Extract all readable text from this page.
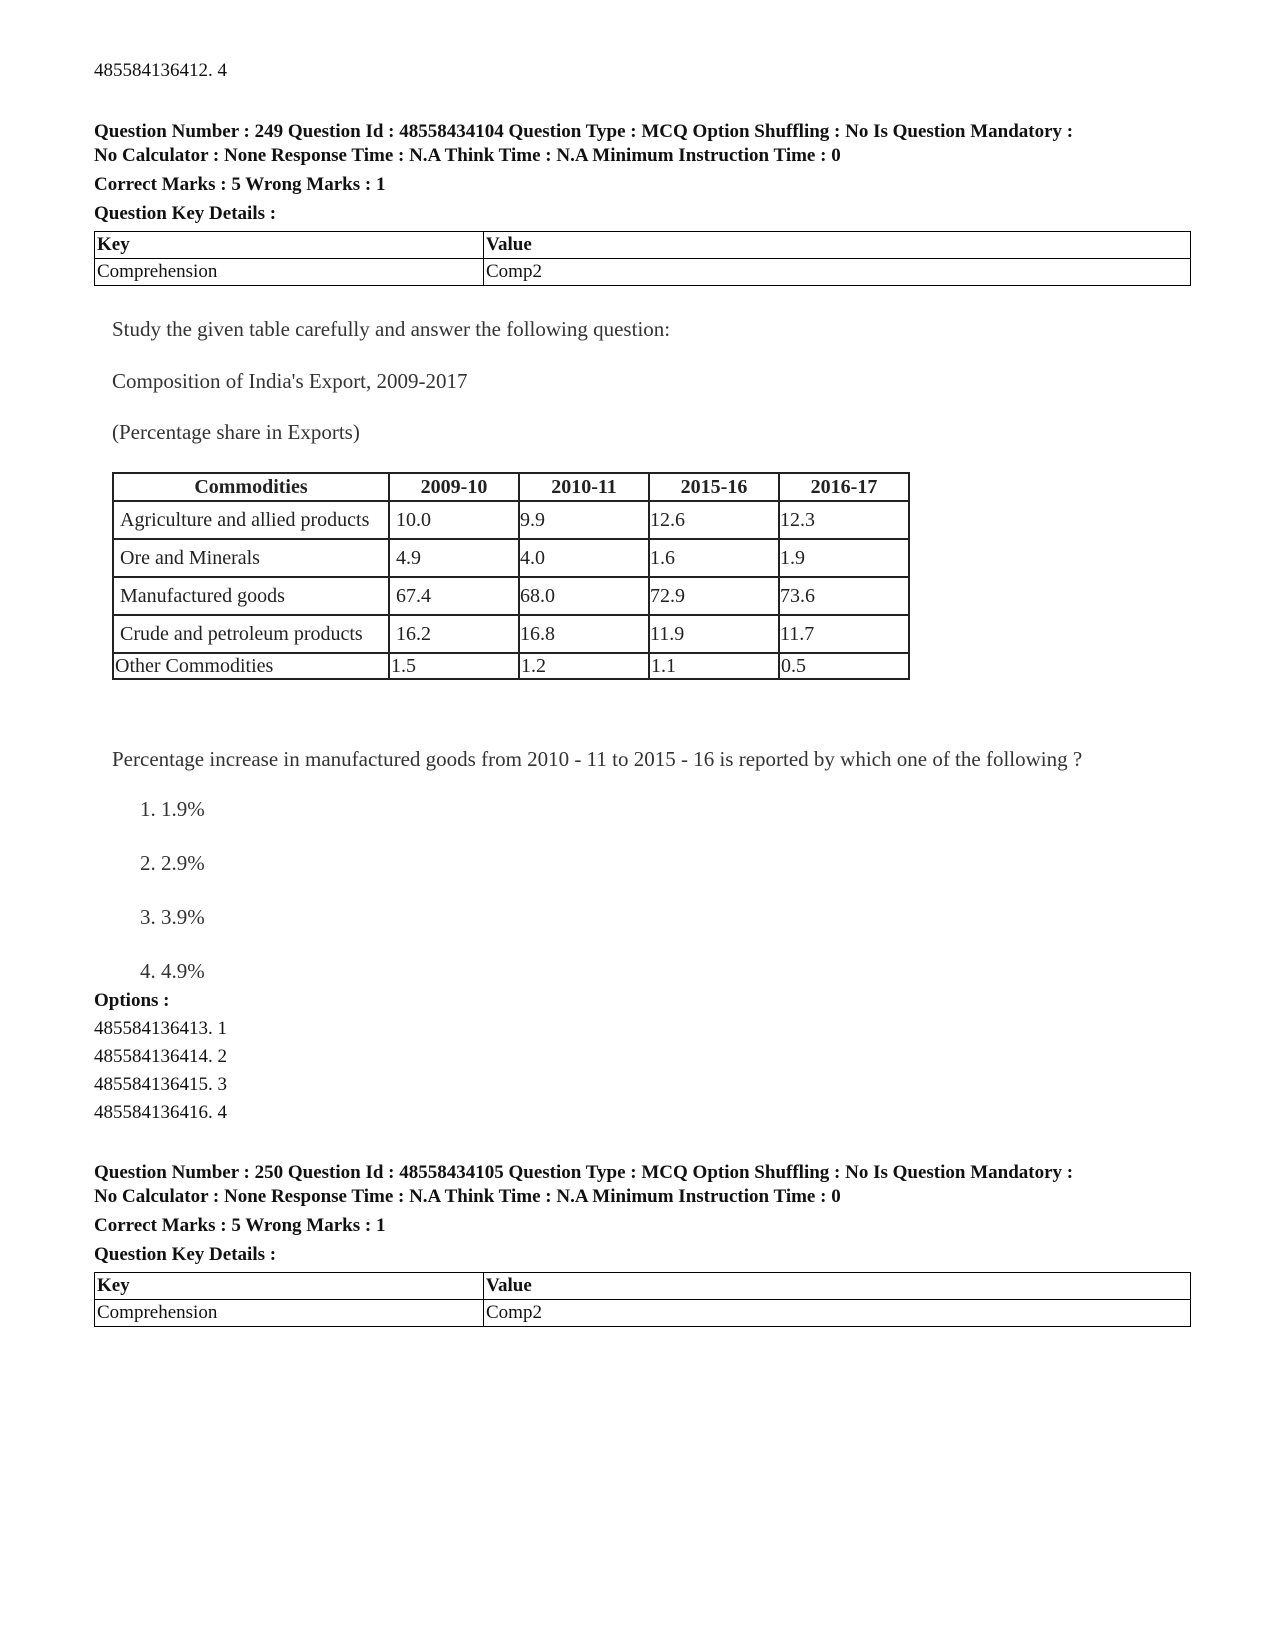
485584136412. 4

Question Number : 249 Question Id : 48558434104 Question Type : MCQ Option Shuffling : No Is Question Mandatory :
No Calculator : None Response Time : N.A Think Time : N.A Minimum Instruction Time : 0

Correct Marks : 5 Wrong Marks : 1

Question Key Details :

Key	Value
Comprehension	Comp2

Study the given table carefully and answer the following question:

Composition of India's Export, 2009-2017

(Percentage share in Exports)

Commodities	2009-10	2010-11	2015-16	2016-17
Agriculture and allied products	10.0	9.9	12.6	12.3
Ore and Minerals	4.9	4.0	1.6	1.9
Manufactured goods	67.4	68.0	72.9	73.6
Crude and petroleum products	16.2	16.8	11.9	11.7
Other Commodities	1.5	1.2	1.1	0.5

Percentage increase in manufactured goods from 2010 - 11 to 2015 - 16 is reported by which one of the following ?

1. 1.9%
2. 2.9%
3. 3.9%
4. 4.9%
Options :
485584136413. 1
485584136414. 2
485584136415. 3
485584136416. 4

Question Number : 250 Question Id : 48558434105 Question Type : MCQ Option Shuffling : No Is Question Mandatory :
No Calculator : None Response Time : N.A Think Time : N.A Minimum Instruction Time : 0

Correct Marks : 5 Wrong Marks : 1

Question Key Details :

Key	Value
Comprehension	Comp2
